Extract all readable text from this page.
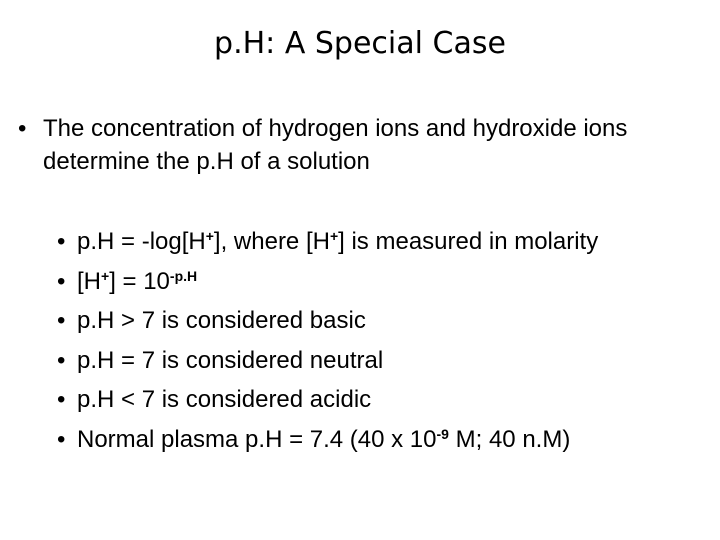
p.H: A Special Case
• The concentration of hydrogen ions and hydroxide ions determine the p.H of a solution
• p.H = -log[H+], where [H+] is measured in molarity
• $[H^+] = 10^{-p.H}$
• p.H > 7 is considered basic
• p.H = 7 is considered neutral
• p.H < 7 is considered acidic
• Normal plasma p.H = 7.4 (40 x $10^{-9}$ M; 40 n.M)
